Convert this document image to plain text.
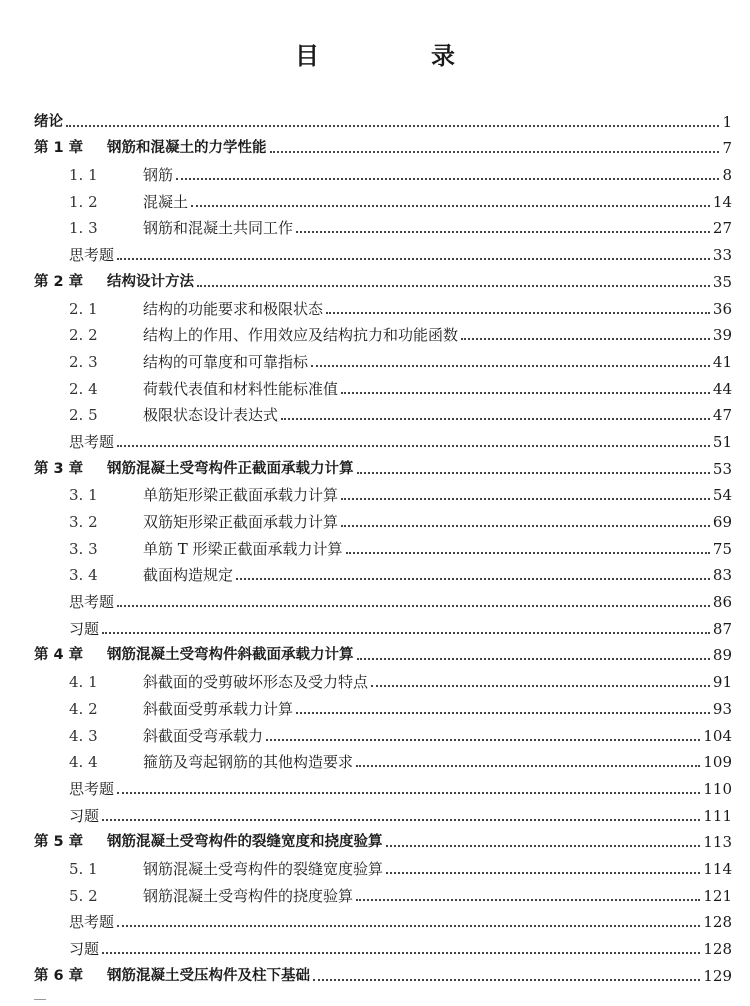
目　录
绪论	1
第 1 章	钢筋和混凝土的力学性能	7
1. 1	钢筋	8
1. 2	混凝土	14
1. 3	钢筋和混凝土共同工作	27
思考题	33
第 2 章	结构设计方法	35
2. 1	结构的功能要求和极限状态	36
2. 2	结构上的作用、作用效应及结构抗力和功能函数	39
2. 3	结构的可靠度和可靠指标	41
2. 4	荷载代表值和材料性能标准值	44
2. 5	极限状态设计表达式	47
思考题	51
第 3 章	钢筋混凝土受弯构件正截面承载力计算	53
3. 1	单筋矩形梁正截面承载力计算	54
3. 2	双筋矩形梁正截面承载力计算	69
3. 3	单筋 T 形梁正截面承载力计算	75
3. 4	截面构造规定	83
思考题	86
习题	87
第 4 章	钢筋混凝土受弯构件斜截面承载力计算	89
4. 1	斜截面的受剪破坏形态及受力特点	91
4. 2	斜截面受剪承载力计算	93
4. 3	斜截面受弯承载力	104
4. 4	箍筋及弯起钢筋的其他构造要求	109
思考题	110
习题	111
第 5 章	钢筋混凝土受弯构件的裂缝宽度和挠度验算	113
5. 1	钢筋混凝土受弯构件的裂缝宽度验算	114
5. 2	钢筋混凝土受弯构件的挠度验算	121
思考题	128
习题	128
第 6 章	钢筋混凝土受压构件及柱下基础	129
